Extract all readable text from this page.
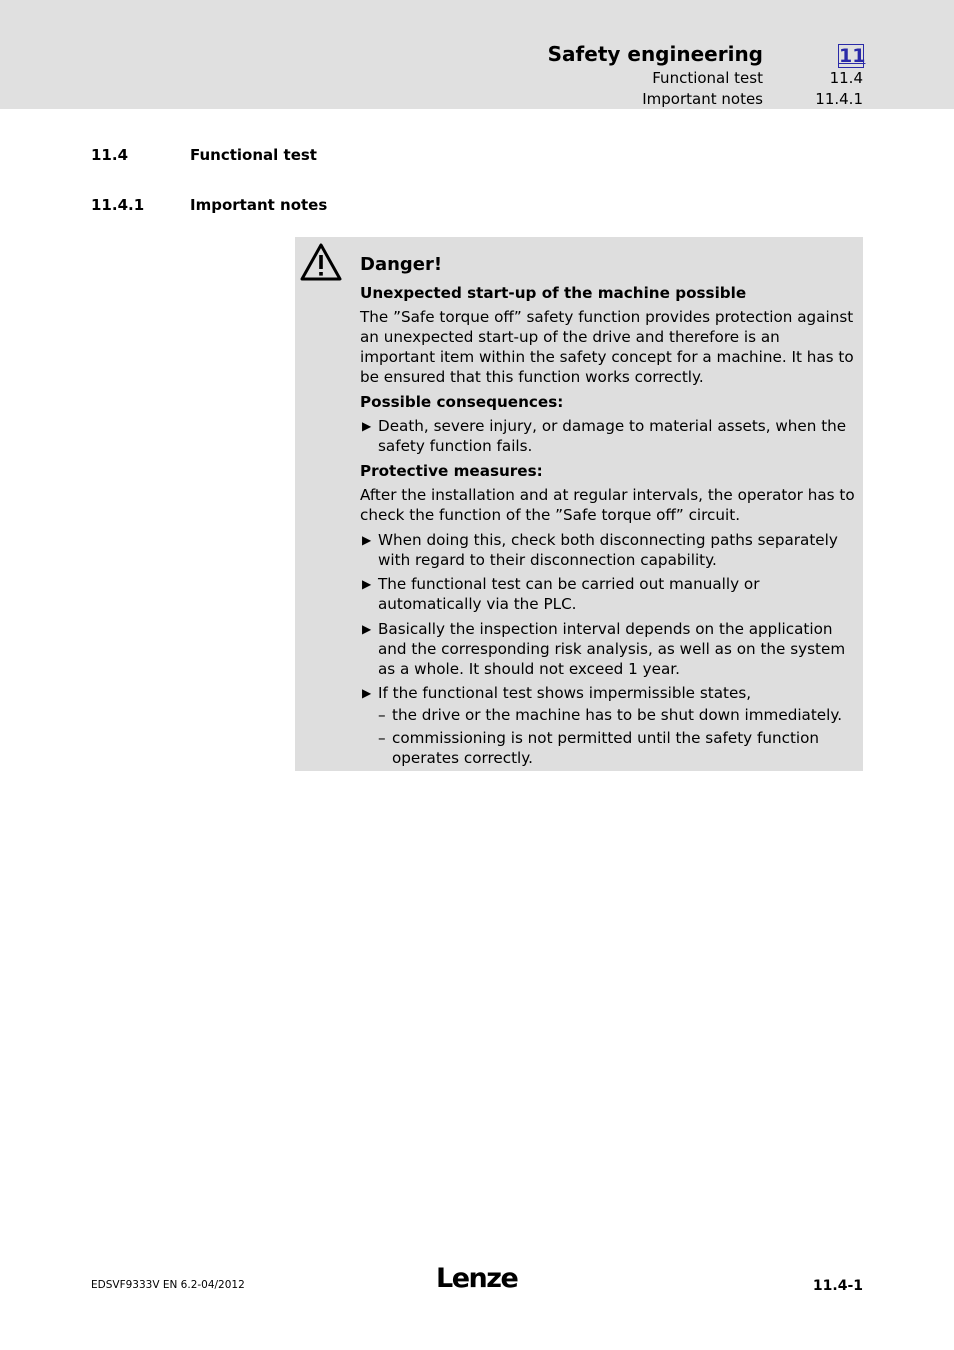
Safety engineering	11
Functional test	11.4
Important notes	11.4.1
11.4	Functional test
11.4.1	Important notes
Danger!
Unexpected start-up of the machine possible
The ”Safe torque off” safety function provides protection against
an unexpected start-up of the drive and therefore is an
important item within the safety concept for a machine. It has to
be ensured that this function works correctly.
Possible consequences:
▶ Death, severe injury, or damage to material assets, when the
safety function fails.
Protective measures:
After the installation and at regular intervals, the operator has to
check the function of the ”Safe torque off” circuit.
▶ When doing this, check both disconnecting paths separately
with regard to their disconnection capability.
▶ The functional test can be carried out manually or
automatically via the PLC.
▶ Basically the inspection interval depends on the application
and the corresponding risk analysis, as well as on the system
as a whole. It should not exceed 1 year.
▶ If the functional test shows impermissible states,
– the drive or the machine has to be shut down immediately.
– commissioning is not permitted until the safety function
operates correctly.
EDSVF9333V EN 6.2-04/2012	Lenze	11.4-1
